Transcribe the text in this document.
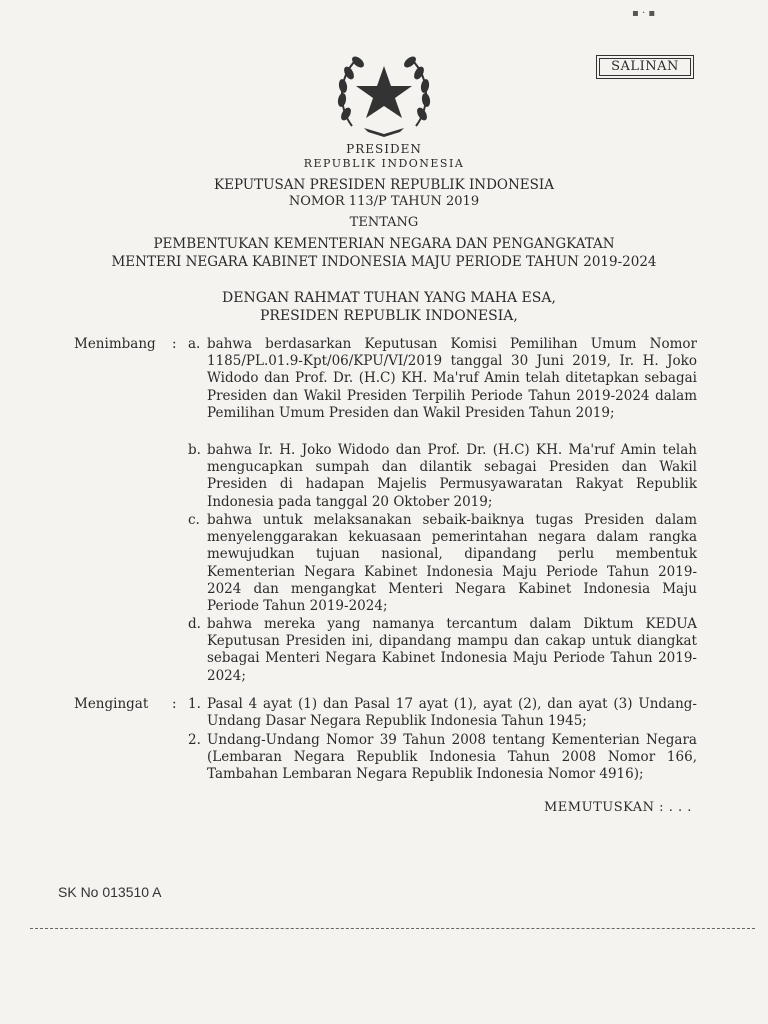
▪ · ▪
SALINAN
PRESIDEN
REPUBLIK INDONESIA
KEPUTUSAN PRESIDEN REPUBLIK INDONESIA
NOMOR 113/P TAHUN 2019
TENTANG
PEMBENTUKAN KEMENTERIAN NEGARA DAN PENGANGKATAN
MENTERI NEGARA KABINET INDONESIA MAJU PERIODE TAHUN 2019-2024
DENGAN RAHMAT TUHAN YANG MAHA ESA,
PRESIDEN REPUBLIK INDONESIA,
Menimbang : a. bahwa berdasarkan Keputusan Komisi Pemilihan Umum Nomor 1185/PL.01.9-Kpt/06/KPU/VI/2019 tanggal 30 Juni 2019, Ir. H. Joko Widodo dan Prof. Dr. (H.C) KH. Ma'ruf Amin telah ditetapkan sebagai Presiden dan Wakil Presiden Terpilih Periode Tahun 2019-2024 dalam Pemilihan Umum Presiden dan Wakil Presiden Tahun 2019;
b. bahwa Ir. H. Joko Widodo dan Prof. Dr. (H.C) KH. Ma'ruf Amin telah mengucapkan sumpah dan dilantik sebagai Presiden dan Wakil Presiden di hadapan Majelis Permusyawaratan Rakyat Republik Indonesia pada tanggal 20 Oktober 2019;
c. bahwa untuk melaksanakan sebaik-baiknya tugas Presiden dalam menyelenggarakan kekuasaan pemerintahan negara dalam rangka mewujudkan tujuan nasional, dipandang perlu membentuk Kementerian Negara Kabinet Indonesia Maju Periode Tahun 2019-2024 dan mengangkat Menteri Negara Kabinet Indonesia Maju Periode Tahun 2019-2024;
d. bahwa mereka yang namanya tercantum dalam Diktum KEDUA Keputusan Presiden ini, dipandang mampu dan cakap untuk diangkat sebagai Menteri Negara Kabinet Indonesia Maju Periode Tahun 2019-2024;
Mengingat : 1. Pasal 4 ayat (1) dan Pasal 17 ayat (1), ayat (2), dan ayat (3) Undang-Undang Dasar Negara Republik Indonesia Tahun 1945;
2. Undang-Undang Nomor 39 Tahun 2008 tentang Kementerian Negara (Lembaran Negara Republik Indonesia Tahun 2008 Nomor 166, Tambahan Lembaran Negara Republik Indonesia Nomor 4916);
MEMUTUSKAN : . . .
SK No 013510 A
